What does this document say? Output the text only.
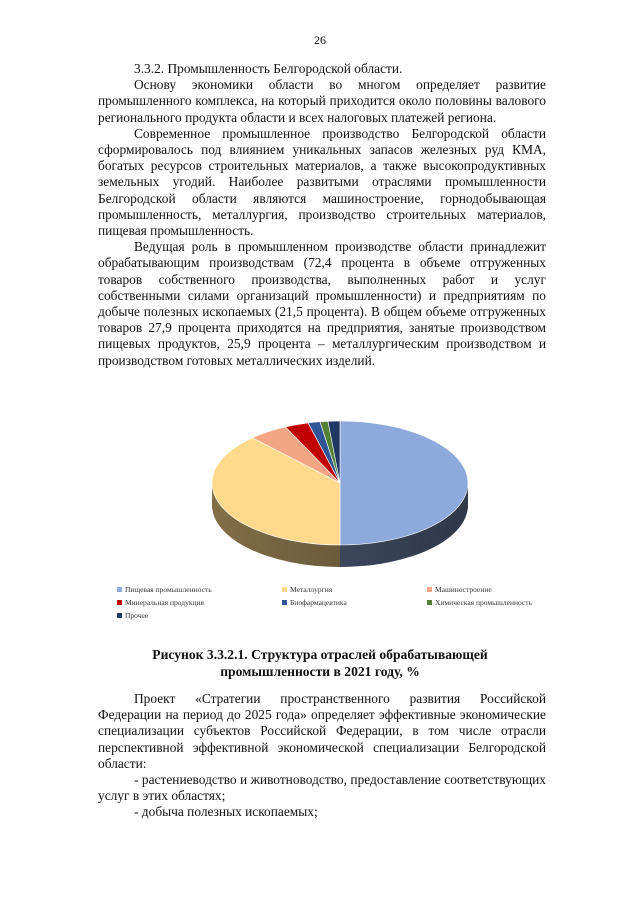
26

3.3.2. Промышленность Белгородской области.

Основу экономики области во многом определяет развитие промышленного комплекса, на который приходится около половины валового регионального продукта области и всех налоговых платежей региона.

Современное промышленное производство Белгородской области сформировалось под влиянием уникальных запасов железных руд КМА, богатых ресурсов строительных материалов, а также высокопродуктивных земельных угодий. Наиболее развитыми отраслями промышленности Белгородской области являются машиностроение, горнодобывающая промышленность, металлургия, производство строительных материалов, пищевая промышленность.

Ведущая роль в промышленном производстве области принадлежит обрабатывающим производствам (72,4 процента в объеме отгруженных товаров собственного производства, выполненных работ и услуг собственными силами организаций промышленности) и предприятиям по добыче полезных ископаемых (21,5 процента). В общем объеме отгруженных товаров 27,9 процента приходятся на предприятия, занятые производством пищевых продуктов, 25,9 процента – металлургическим производством и производством готовых металлических изделий.

Пищевая промышленность	Металлургия	Машиностроение
Минеральная продукция	Биофармацевтика	Химическая промышленность
Прочее
Рисунок 3.3.2.1. Структура отраслей обрабатывающей
промышленности в 2021 году, %

Проект «Стратегии пространственного развития Российской Федерации на период до 2025 года» определяет эффективные экономические специализации субъектов Российской Федерации, в том числе отрасли перспективной эффективной экономической специализации Белгородской области:

- растениеводство и животноводство, предоставление соответствующих услуг в этих областях;

- добыча полезных ископаемых;
